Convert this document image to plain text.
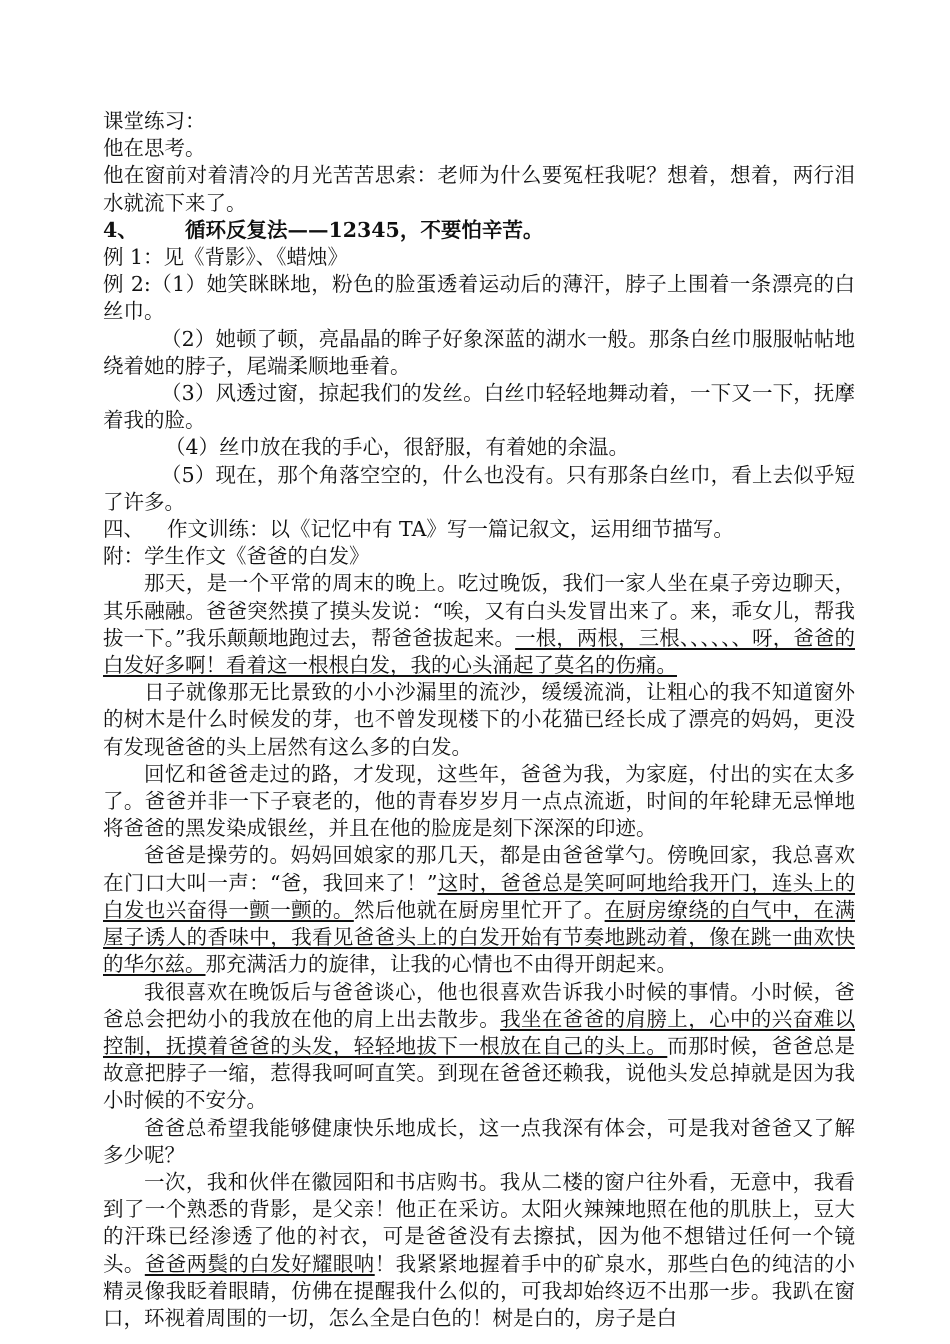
课堂练习：

他在思考。

他在窗前对着清冷的月光苦苦思索：老师为什么要冤枉我呢？想着，想着，两行泪水就流下来了。

4、 循环反复法——12345，不要怕辛苦。

例 1：见《背影》、《蜡烛》

例 2:（1）她笑眯眯地，粉色的脸蛋透着运动后的薄汗，脖子上围着一条漂亮的白丝巾。

（2）她顿了顿，亮晶晶的眸子好象深蓝的湖水一般。那条白丝巾服服帖帖地绕着她的脖子，尾端柔顺地垂着。

（3）风透过窗，掠起我们的发丝。白丝巾轻轻地舞动着，一下又一下，抚摩着我的脸。

（4）丝巾放在我的手心，很舒服，有着她的余温。

（5）现在，那个角落空空的，什么也没有。只有那条白丝巾，看上去似乎短了许多。

四、 作文训练：以《记忆中有 TA》写一篇记叙文，运用细节描写。

附：学生作文《爸爸的白发》

那天，是一个平常的周末的晚上。吃过晚饭，我们一家人坐在桌子旁边聊天，其乐融融。爸爸突然摸了摸头发说：“唉，又有白头发冒出来了。来，乖女儿，帮我拔一下。”我乐颠颠地跑过去，帮爸爸拔起来。一根，两根，三根、、、、、、呀，爸爸的白发好多啊！看着这一根根白发，我的心头涌起了莫名的伤痛。

日子就像那无比景致的小小沙漏里的流沙，缓缓流淌，让粗心的我不知道窗外的树木是什么时候发的芽，也不曾发现楼下的小花猫已经长成了漂亮的妈妈，更没有发现爸爸的头上居然有这么多的白发。

回忆和爸爸走过的路，才发现，这些年，爸爸为我，为家庭，付出的实在太多了。爸爸并非一下子衰老的，他的青春岁岁月一点点流逝，时间的年轮肆无忌惮地将爸爸的黑发染成银丝，并且在他的脸庞是刻下深深的印迹。

爸爸是操劳的。妈妈回娘家的那几天，都是由爸爸掌勺。傍晚回家，我总喜欢在门口大叫一声：“爸，我回来了！”这时，爸爸总是笑呵呵地给我开门，连头上的白发也兴奋得一颤一颤的。然后他就在厨房里忙开了。在厨房缭绕的白气中，在满屋子诱人的香味中，我看见爸爸头上的白发开始有节奏地跳动着，像在跳一曲欢快的华尔兹。那充满活力的旋律，让我的心情也不由得开朗起来。

我很喜欢在晚饭后与爸爸谈心，他也很喜欢告诉我小时候的事情。小时候，爸爸总会把幼小的我放在他的肩上出去散步。我坐在爸爸的肩膀上，心中的兴奋难以控制，抚摸着爸爸的头发，轻轻地拔下一根放在自己的头上。而那时候，爸爸总是故意把脖子一缩，惹得我呵呵直笑。到现在爸爸还赖我，说他头发总掉就是因为我小时候的不安分。

爸爸总希望我能够健康快乐地成长，这一点我深有体会，可是我对爸爸又了解多少呢？

一次，我和伙伴在徽园阳和书店购书。我从二楼的窗户往外看，无意中，我看到了一个熟悉的背影，是父亲！他正在采访。太阳火辣辣地照在他的肌肤上，豆大的汗珠已经渗透了他的衬衣，可是爸爸没有去擦拭，因为他不想错过任何一个镜头。爸爸两鬓的白发好耀眼呐！我紧紧地握着手中的矿泉水，那些白色的纯洁的小精灵像我眨着眼睛，仿佛在提醒我什么似的，可我却始终迈不出那一步。我趴在窗口，环视着周围的一切，怎么全是白色的！树是白的，房子是白
